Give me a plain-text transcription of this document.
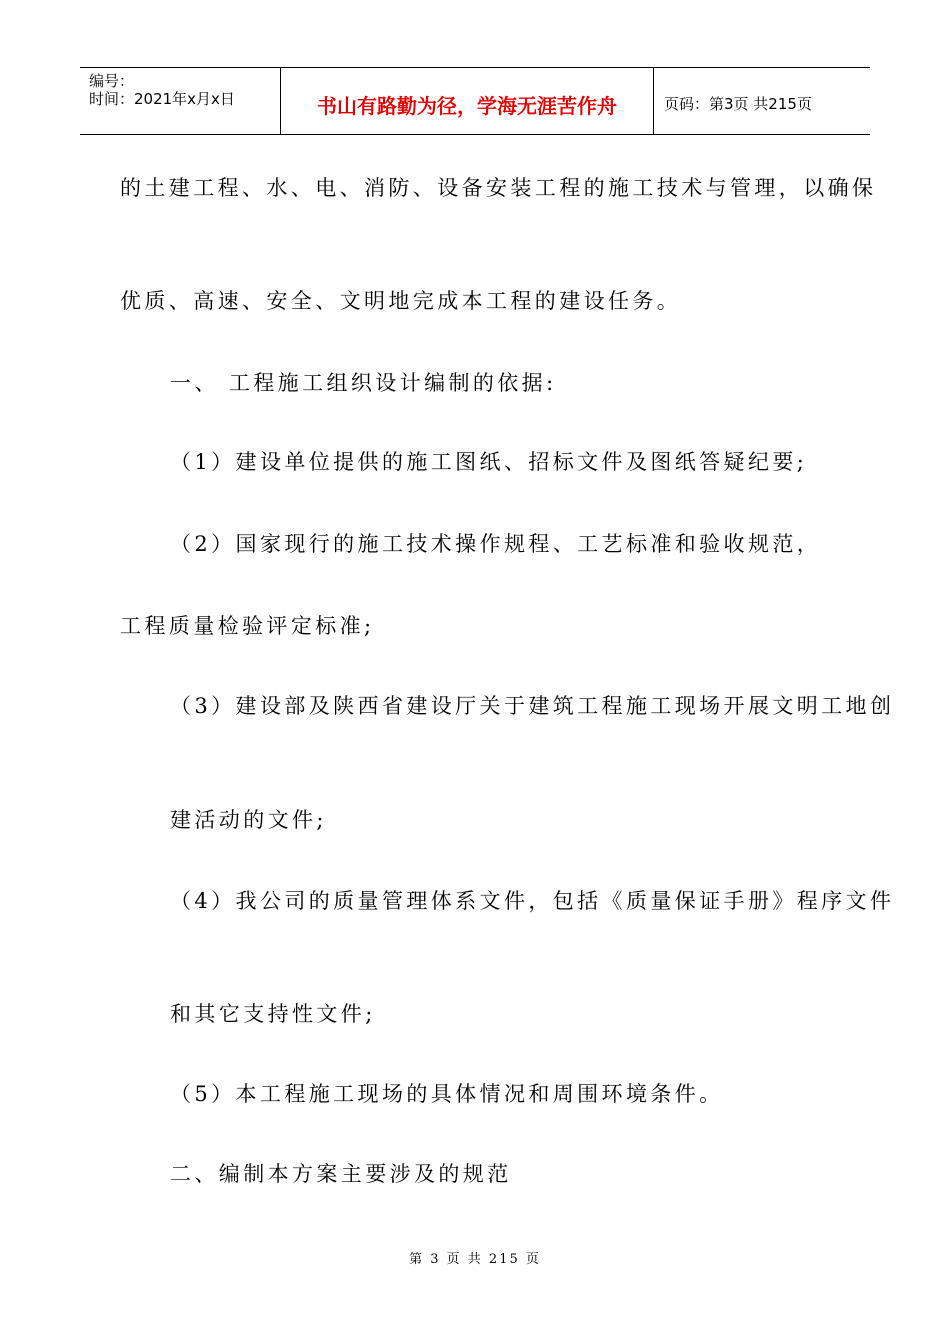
编号：
时间：2021年x月x日	书山有路勤为径，学海无涯苦作舟	页码：第3页 共215页
的土建工程、水、电、消防、设备安装工程的施工技术与管理，以确保
优质、高速、安全、文明地完成本工程的建设任务。
一、 工程施工组织设计编制的依据:
（1）建设单位提供的施工图纸、招标文件及图纸答疑纪要;
（2）国家现行的施工技术操作规程、工艺标准和验收规范，
工程质量检验评定标准;
（3）建设部及陕西省建设厅关于建筑工程施工现场开展文明工地创
建活动的文件;
（4）我公司的质量管理体系文件，包括《质量保证手册》程序文件
和其它支持性文件;
（5）本工程施工现场的具体情况和周围环境条件。
二、编制本方案主要涉及的规范
第 3 页 共 215 页
